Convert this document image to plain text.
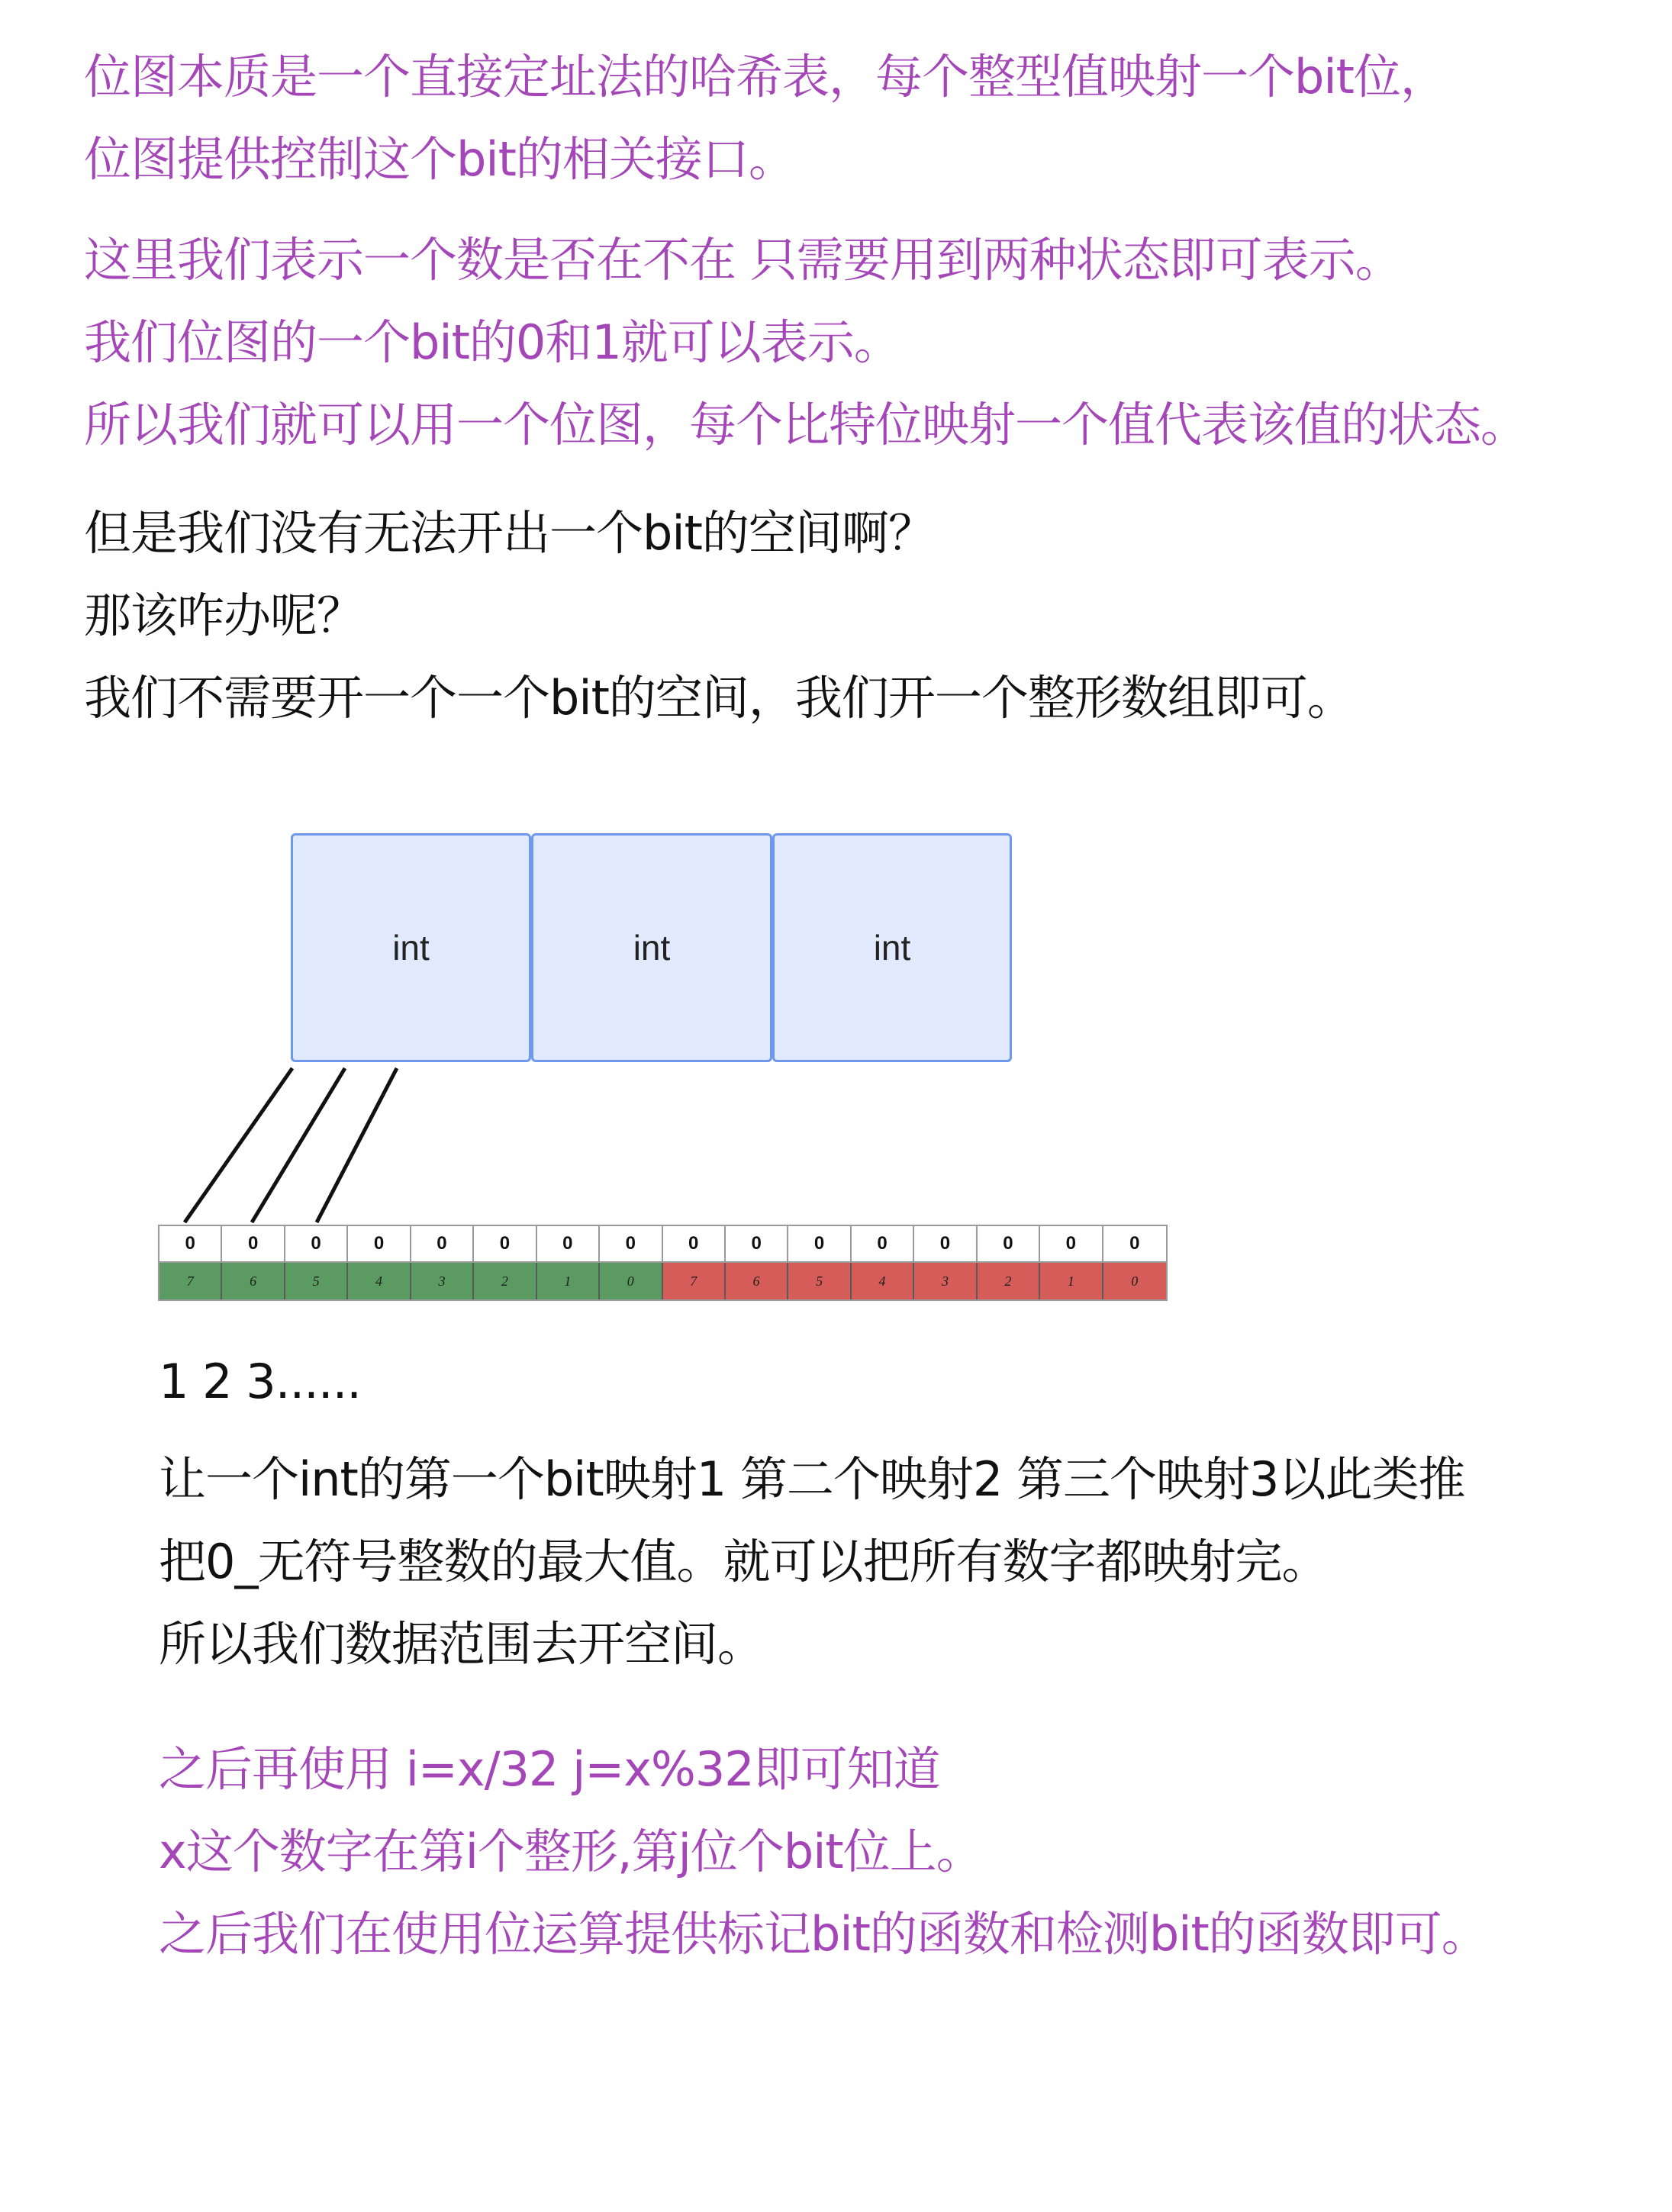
位图本质是一个直接定址法的哈希表，每个整型值映射一个bit位，
位图提供控制这个bit的相关接口。
这里我们表示一个数是否在不在 只需要用到两种状态即可表示。
我们位图的一个bit的0和1就可以表示。
所以我们就可以用一个位图，每个比特位映射一个值代表该值的状态。
但是我们没有无法开出一个bit的空间啊？
那该咋办呢？
我们不需要开一个一个bit的空间，我们开一个整形数组即可。
int	int	int
0	0	0	0	0	0	0	0	0	0	0	0	0	0	0	0
7	6	5	4	3	2	1	0	7	6	5	4	3	2	1	0
1 2 3......
让一个int的第一个bit映射1 第二个映射2 第三个映射3以此类推
把0_无符号整数的最大值。就可以把所有数字都映射完。
所以我们数据范围去开空间。
之后再使用 i=x/32 j=x%32即可知道
x这个数字在第i个整形,第j位个bit位上。
之后我们在使用位运算提供标记bit的函数和检测bit的函数即可。
